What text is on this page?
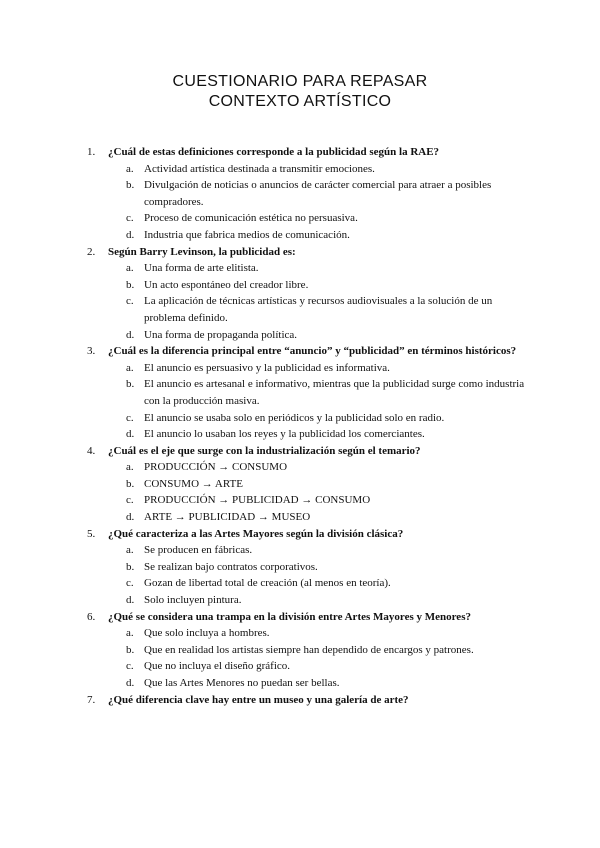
CUESTIONARIO PARA REPASAR
CONTEXTO ARTÍSTICO
1. ¿Cuál de estas definiciones corresponde a la publicidad según la RAE?
a. Actividad artística destinada a transmitir emociones.
b. Divulgación de noticias o anuncios de carácter comercial para atraer a posibles compradores.
c. Proceso de comunicación estética no persuasiva.
d. Industria que fabrica medios de comunicación.
2. Según Barry Levinson, la publicidad es:
a. Una forma de arte elitista.
b. Un acto espontáneo del creador libre.
c. La aplicación de técnicas artísticas y recursos audiovisuales a la solución de un problema definido.
d. Una forma de propaganda política.
3. ¿Cuál es la diferencia principal entre “anuncio” y “publicidad” en términos históricos?
a. El anuncio es persuasivo y la publicidad es informativa.
b. El anuncio es artesanal e informativo, mientras que la publicidad surge como industria con la producción masiva.
c. El anuncio se usaba solo en periódicos y la publicidad solo en radio.
d. El anuncio lo usaban los reyes y la publicidad los comerciantes.
4. ¿Cuál es el eje que surge con la industrialización según el temario?
a. PRODUCCIÓN → CONSUMO
b. CONSUMO → ARTE
c. PRODUCCIÓN → PUBLICIDAD → CONSUMO
d. ARTE → PUBLICIDAD → MUSEO
5. ¿Qué caracteriza a las Artes Mayores según la división clásica?
a. Se producen en fábricas.
b. Se realizan bajo contratos corporativos.
c. Gozan de libertad total de creación (al menos en teoría).
d. Solo incluyen pintura.
6. ¿Qué se considera una trampa en la división entre Artes Mayores y Menores?
a. Que solo incluya a hombres.
b. Que en realidad los artistas siempre han dependido de encargos y patrones.
c. Que no incluya el diseño gráfico.
d. Que las Artes Menores no puedan ser bellas.
7. ¿Qué diferencia clave hay entre un museo y una galería de arte?
